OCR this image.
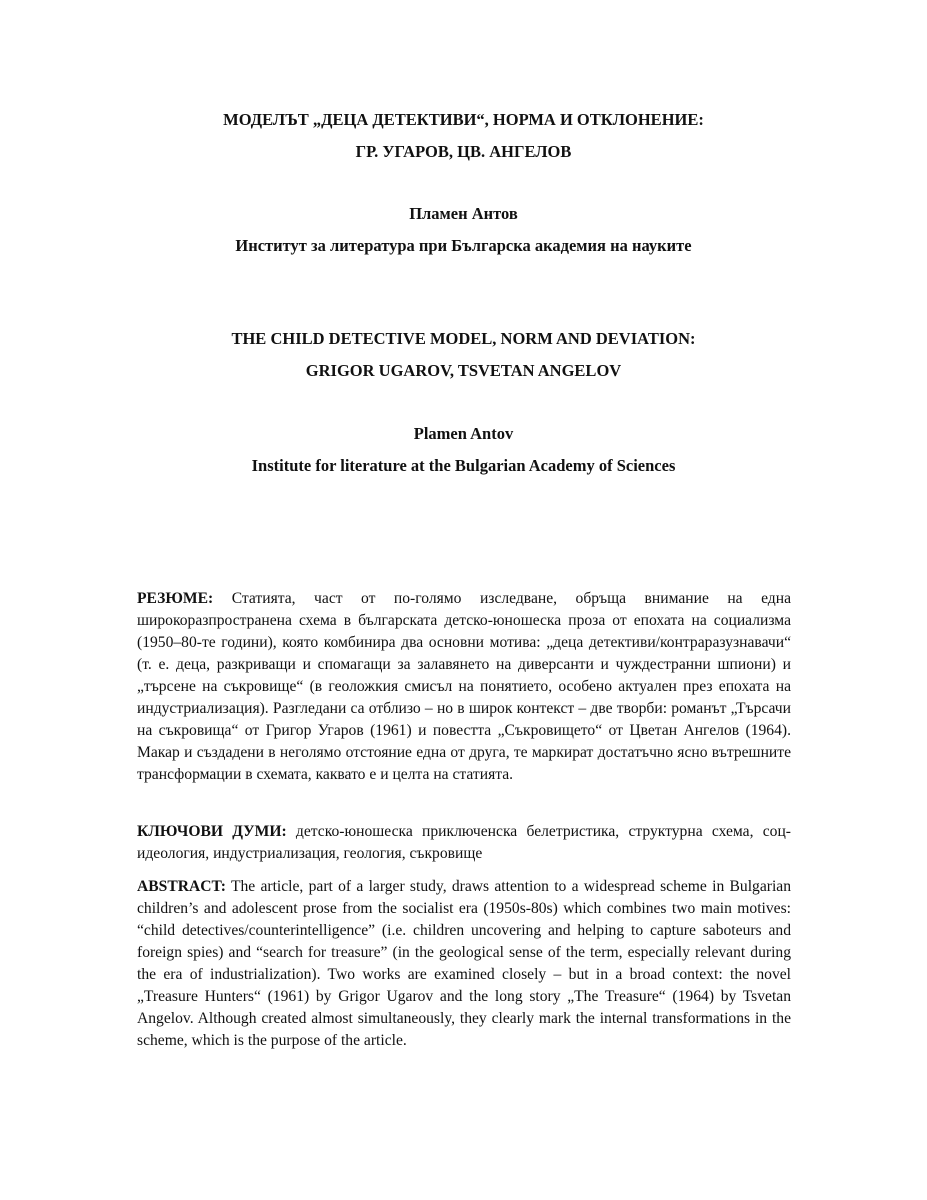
МОДЕЛЪТ „ДЕЦА ДЕТЕКТИВИ“, НОРМА И ОТКЛОНЕНИЕ:
ГР. УГАРОВ, ЦВ. АНГЕЛОВ
Пламен Антов
Институт за литература при Българска академия на науките
THE CHILD DETECTIVE MODEL, NORM AND DEVIATION:
GRIGOR UGAROV, TSVETAN ANGELOV
Plamen Antov
Institute for literature at the Bulgarian Academy of Sciences

РЕЗЮМЕ: Статията, част от по-голямо изследване, обръща внимание на една широкоразпространена схема в българската детско-юношеска проза от епохата на социализма (1950–80-те години), която комбинира два основни мотива: „деца детективи/контраразузнавачи“ (т. е. деца, разкриващи и спомагащи за залавянето на диверсанти и чуждестранни шпиони) и „търсене на съкровище“ (в геоложкия смисъл на понятието, особено актуален през епохата на индустриализация). Разгледани са отблизо – но в широк контекст – две творби: романът „Търсачи на съкровища“ от Григор Угаров (1961) и повестта „Съкровището“ от Цветан Ангелов (1964). Макар и създадени в неголямо отстояние една от друга, те маркират достатъчно ясно вътрешните трансформации в схемата, каквато е и целта на статията.

КЛЮЧОВИ ДУМИ: детско-юношеска приключенска белетристика, структурна схема, соц-идеология, индустриализация, геология, съкровище

ABSTRACT: The article, part of a larger study, draws attention to a widespread scheme in Bulgarian children’s and adolescent prose from the socialist era (1950s-80s) which combines two main motives: “child detectives/counterintelligence” (i.e. children uncovering and helping to capture saboteurs and foreign spies) and “search for treasure” (in the geological sense of the term, especially relevant during the era of industrialization). Two works are examined closely – but in a broad context: the novel „Treasure Hunters“ (1961) by Grigor Ugarov and the long story „The Treasure“ (1964) by Tsvetan Angelov. Although created almost simultaneously, they clearly mark the internal transformations in the scheme, which is the purpose of the article.
